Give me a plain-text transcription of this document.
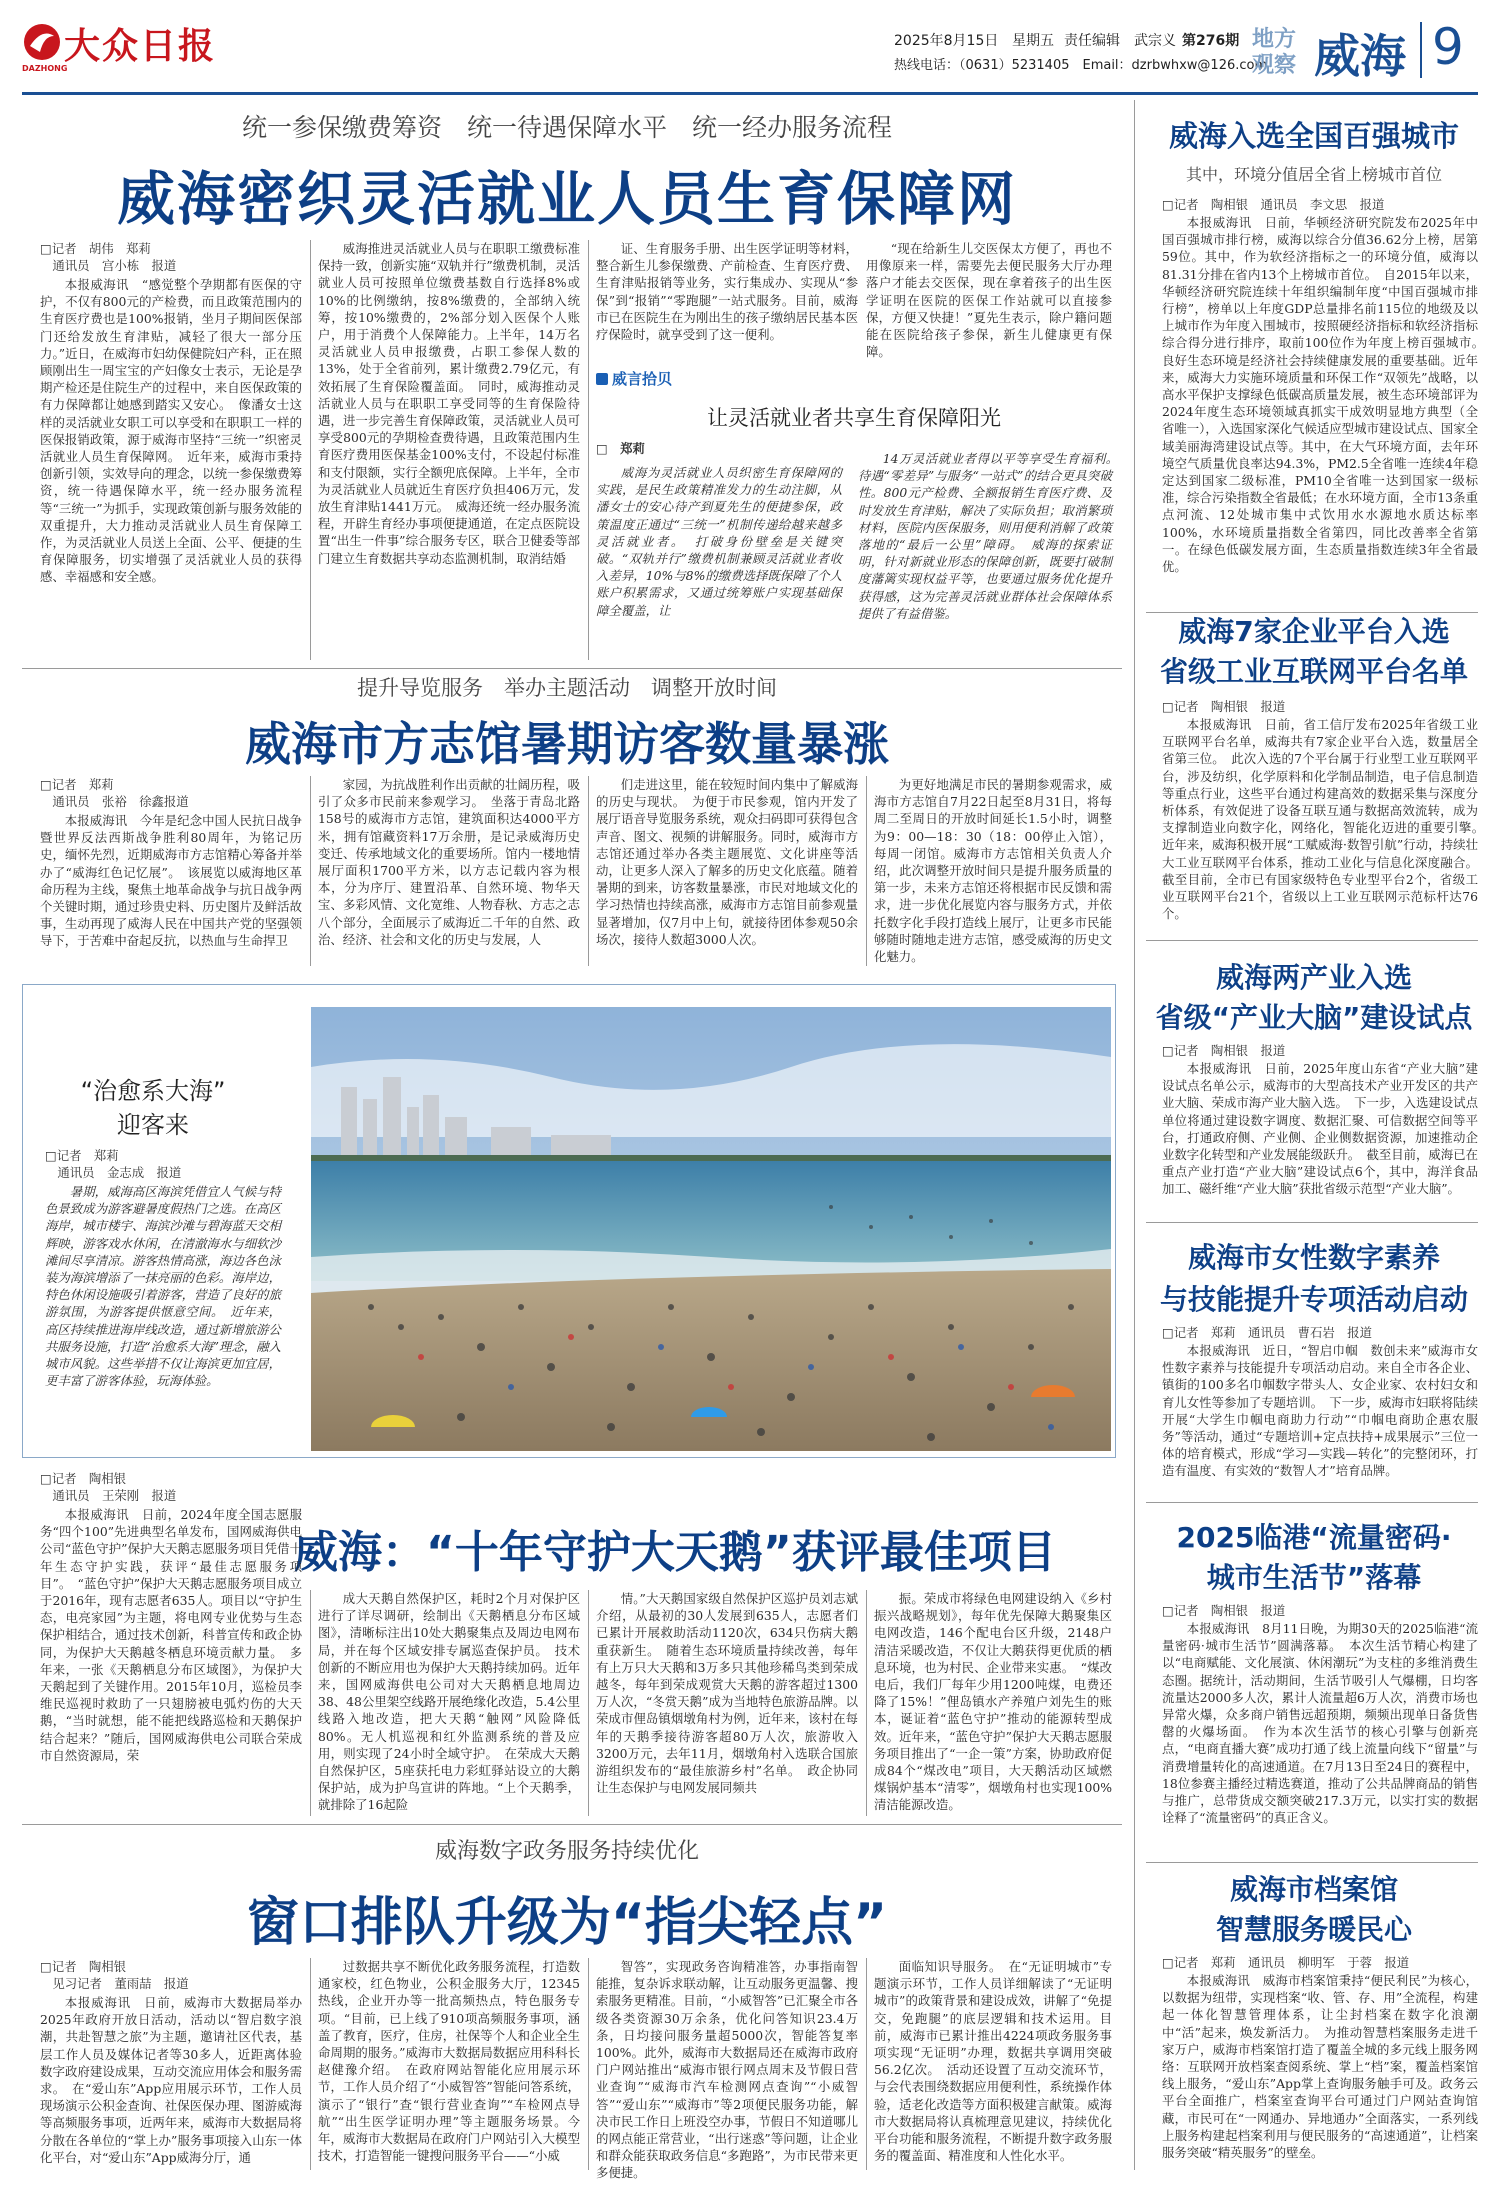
大众日报
DAZHONG
2025年8月15日 星期五 责任编辑　武宗义 第276期
热线电话：（0631）5231405　Email：dzrbwhxw@126.com
地方
观察 威海 9
统一参保缴费筹资　统一待遇保障水平　统一经办服务流程
威海密织灵活就业人员生育保障网
□记者　胡伟　郑莉
　通讯员　宫小栋　报道

本报威海讯　“感觉整个孕期都有医保的守护，不仅有800元的产检费，而且政策范围内的生育医疗费也是100%报销，坐月子期间医保部门还给发放生育津贴，减轻了很大一部分压力。”近日，在威海市妇幼保健院妇产科，正在照顾刚出生一周宝宝的产妇像女士表示，无论是孕期产检还是住院生产的过程中，来自医保政策的有力保障都让她感到踏实又安心。　像潘女士这样的灵活就业女职工可以享受和在职职工一样的医保报销政策，源于威海市坚持“三统一”织密灵活就业人员生育保障网。　近年来，威海市秉持创新引领，实效导向的理念，以统一参保缴费筹资，统一待遇保障水平，统一经办服务流程等“三统一”为抓手，实现政策创新与服务效能的双重提升，大力推动灵活就业人员生育保障工作，为灵活就业人员送上全面、公平、便捷的生育保障服务，切实增强了灵活就业人员的获得感、幸福感和安全感。

威海推进灵活就业人员与在职职工缴费标准保持一致，创新实施“双轨并行”缴费机制，灵活就业人员可按照单位缴费基数自行选择8%或10%的比例缴纳，按8%缴费的，全部纳入统筹，按10%缴费的，2%部分划入医保个人账户，用于消费个人保障能力。上半年，14万名灵活就业人员申报缴费，占职工参保人数的13%，处于全省前列，累计缴费2.79亿元，有效拓展了生育保险覆盖面。　同时，威海推动灵活就业人员与在职职工享受同等的生育保险待遇，进一步完善生育保障政策，灵活就业人员可享受800元的孕期检查费待遇，且政策范围内生育医疗费用医保基金100%支付，不设起付标准和支付限额，实行全额兜底保障。上半年，全市为灵活就业人员就近生育医疗负担406万元，发放生育津贴1441万元。　威海还统一经办服务流程，开辟生育经办事项便捷通道，在定点医院设置“出生一件事”综合服务专区，联合卫健委等部门建立生育数据共享动态监测机制，取消结婚

证、生育服务手册、出生医学证明等材料，整合新生儿参保缴费、产前检查、生育医疗费、生育津贴报销等业务，实行集成办、实现从“参保”到“报销”“零跑腿”一站式服务。目前，威海市已在医院生在为刚出生的孩子缴纳居民基本医疗保险时，就享受到了这一便利。

“现在给新生儿交医保太方便了，再也不用像原来一样，需要先去便民服务大厅办理落户才能去交医保，现在拿着孩子的出生医学证明在医院的医保工作站就可以直接参保，方便又快捷！”夏先生表示，除户籍问题能在医院给孩子参保，新生儿健康更有保障。

威言拾贝
让灵活就业者共享生育保障阳光
□　郑莉

威海为灵活就业人员织密生育保障网的实践，是民生政策精准发力的生动注脚，从潘女士的安心待产到夏先生的便捷参保，政策温度正通过“三统一”机制传递给越来越多灵活就业者。　打破身份壁垒是关键突破。“双轨并行”缴费机制兼顾灵活就业者收入差异，10%与8%的缴费选择既保障了个人账户积累需求，又通过统筹账户实现基础保障全覆盖，让

14万灵活就业者得以平等享受生育福利。　待遇“零差异”与服务“一站式”的结合更具突破性。800元产检费、全额报销生育医疗费、及时发放生育津贴，解决了实际负担；取消繁琐材料，医院内医保服务，则用便利消解了政策落地的“最后一公里”障碍。　威海的探索证明，针对新就业形态的保障创新，既要打破制度藩篱实现权益平等，也要通过服务优化提升获得感，这为完善灵活就业群体社会保障体系提供了有益借鉴。

提升导览服务　举办主题活动　调整开放时间
威海市方志馆暑期访客数量暴涨
□记者　郑莉
　通讯员　张裕　徐鑫报道

本报威海讯　今年是纪念中国人民抗日战争暨世界反法西斯战争胜利80周年，为铭记历史，缅怀先烈，近期威海市方志馆精心筹备并举办了“威海红色记忆展”。　该展览以威海地区革命历程为主线，聚焦土地革命战争与抗日战争两个关键时期，通过珍贵史料、历史图片及鲜活故事，生动再现了威海人民在中国共产党的坚强领导下，于苦难中奋起反抗，以热血与生命捍卫

家园，为抗战胜利作出贡献的壮阔历程，吸引了众多市民前来参观学习。　坐落于青岛北路158号的威海市方志馆，建筑面积达4000平方米，拥有馆藏资料17万余册，是记录威海历史变迁、传承地域文化的重要场所。馆内一楼地情展厅面积1700平方米，以方志记载内容为根本，分为序厅、建置沿革、自然环境、物华天宝、多彩风情、文化宽维、人物春秋、方志之志八个部分，全面展示了威海近二千年的自然、政治、经济、社会和文化的历史与发展，人

们走进这里，能在较短时间内集中了解威海的历史与现状。　为便于市民参观，馆内开发了展厅语音导览服务系统，观众扫码即可获得包含声音、图文、视频的讲解服务。同时，威海市方志馆还通过举办各类主题展览、文化讲座等活动，让更多人深入了解多的历史文化底蕴。随着暑期的到来，访客数量暴涨，市民对地域文化的学习热情也持续高涨，威海市方志馆目前参观量显著增加，仅7月中上旬，就接待团体参观50余场次，接待人数超3000人次。

为更好地满足市民的暑期参观需求，威海市方志馆自7月22日起至8月31日，将每周二至周日的开放时间延长1.5小时，调整为9：00—18：30（18：00停止入馆），每周一闭馆。威海市方志馆相关负责人介绍，此次调整开放时间只是提升服务质量的第一步，未来方志馆还将根据市民反馈和需求，进一步优化展览内容与服务方式，并依托数字化手段打造线上展厅，让更多市民能够随时随地走进方志馆，感受威海的历史文化魅力。

“治愈系大海”
迎客来
□记者　郑莉
　通讯员　金志成　报道
暑期，威海高区海滨凭借宜人气候与特色景致成为游客避暑度假热门之选。在高区海岸，城市楼宇、海滨沙滩与碧海蓝天交相辉映，游客戏水休闲，在清澈海水与细软沙滩间尽享清凉。游客热情高涨，海边各色泳装为海滨增添了一抹亮丽的色彩。海岸边，特色休闲设施吸引着游客，营造了良好的旅游氛围，为游客提供惬意空间。　近年来，高区持续推进海岸线改造，通过新增旅游公共服务设施，打造“治愈系大海”理念，融入城市风貌。这些举措不仅让海滨更加宜居，更丰富了游客体验，玩海体验。
□记者　陶相银
　通讯员　王荣刚　报道
威海：“十年守护大天鹅”获评最佳项目

本报威海讯　日前，2024年度全国志愿服务“四个100”先进典型名单发布，国网威海供电公司“蓝色守护”保护大天鹅志愿服务项目凭借十年生态守护实践，获评“最佳志愿服务项目”。　“蓝色守护”保护大天鹅志愿服务项目成立于2016年，现有志愿者635人。项目以“守护生态，电亮家园”为主题，将电网专业优势与生态保护相结合，通过技术创新，科普宣传和政企协同，为保护大天鹅越冬栖息环境贡献力量。　多年来，一张《天鹅栖息分布区域图》，为保护大天鹅起到了关键作用。2015年10月，巡检员李维民巡视时救助了一只翅膀被电弧灼伤的大天鹅，“当时就想，能不能把线路巡检和天鹅保护结合起来？”随后，国网威海供电公司联合荣成市自然资源局，荣

成大天鹅自然保护区，耗时2个月对保护区进行了详尽调研，绘制出《天鹅栖息分布区域图》，清晰标注出10处大鹅聚集点及周边电网布局，并在每个区域安排专属巡查保护员。　技术创新的不断应用也为保护大天鹅持续加码。近年来，国网威海供电公司对大天鹅栖息地周边38、48公里架空线路开展绝缘化改造，5.4公里线路入地改造，把大天鹅“触网”风险降低80%。无人机巡视和红外监测系统的普及应用，则实现了24小时全域守护。　在荣成大天鹅自然保护区，5座获托电力彩虹驿站设立的大鹅保护站，成为护鸟宣讲的阵地。“上个天鹅季，就排除了16起险

情。”大天鹅国家级自然保护区巡护员刘志斌介绍，从最初的30人发展到635人，志愿者们已累计开展救助活动1120次，634只伤病大鹅重获新生。　随着生态环境质量持续改善，每年有上万只大天鹅和3万多只其他珍稀鸟类到荣成越冬，每年到荣成观赏大天鹅的游客超过1300万人次，“冬赏天鹅”成为当地特色旅游品牌。以荣成市俚岛镇烟墩角村为例，近年来，该村在每年的天鹅季接待游客超80万人次，旅游收入3200万元，去年11月，烟墩角村入选联合国旅游组织发布的“最佳旅游乡村”名单。　政企协同让生态保护与电网发展同频共

振。荣成市将绿色电网建设纳入《乡村振兴战略规划》，每年优先保障大鹅聚集区电网改造，146个配电台区升级，2148户清洁采暖改造，不仅让大鹅获得更优质的栖息环境，也为村民、企业带来实惠。　“煤改电后，我们厂每年少用1200吨煤，电费还降了15%！”俚岛镇水产养殖户刘先生的账本，诞证着“蓝色守护”推动的能源转型成效。近年来，“蓝色守护”保护大天鹅志愿服务项目推出了“一企一策”方案，协助政府促成84个“煤改电”项目，大天鹅活动区域燃煤锅炉基本“清零”，烟墩角村也实现100%清洁能源改造。

威海数字政务服务持续优化
窗口排队升级为“指尖轻点”
□记者　陶相银
　见习记者　董雨喆　报道

本报威海讯　日前，威海市大数据局举办2025年政府开放日活动，活动以“智启数字浪潮，共赴智慧之旅”为主题，邀请社区代表，基层工作人员及媒体记者等30多人，近距离体验数字政府建设成果，互动交流应用体会和服务需求。　在“爱山东”App应用展示环节，工作人员现场演示公积金查询、社保医保办理、图游威海等高频服务事项，近两年来，威海市大数据局将分散在各单位的“掌上办”服务事项接入山东一体化平台，对“爱山东”App威海分厅，通

过数据共享不断优化政务服务流程，打造数通家校，红色物业，公积金服务大厅，12345热线，企业开办等一批高频热点，特色服务专项。“目前，已上线了910项高频服务事项，涵盖了教育，医疗，住房，社保等个人和企业全生命周期的服务。”威海市大数据局数据应用科科长赵健豫介绍。　在政府网站智能化应用展示环节，工作人员介绍了“小威智答”智能问答系统，演示了“银行”查“银行营业查询”“车检网点导航”“出生医学证明办理”等主题服务场景。今年，威海市大数据局在政府门户网站引入大模型技术，打造智能一键搜问服务平台——“小威

智答”，实现政务咨询精准答，办事指南智能推，复杂诉求联动解，让互动服务更温馨、搜索服务更精准。目前，“小威智答”已汇聚全市各级各类资源30万余条，优化问答知识23.4万条，日均接问服务量超5000次，智能答复率100%。此外，威海市大数据局还在威海市政府门户网站推出“威海市银行网点周末及节假日营业查询”“威海市汽车检测网点查询”“小威智答”“爱山东”“威海市”等2项便民服务功能，解决市民工作日上班没空办事，节假日不知道哪儿的网点能正常营业，“出行迷惑”等问题，让企业和群众能获取政务信息“多跑路”，为市民带来更多便捷。

面临知识导服务。　在“无证明城市”专题演示环节，工作人员详细解读了“无证明城市”的政策背景和建设成效，讲解了“免提交，免跑腿”的底层逻辑和技术运用。目前，威海市已累计推出4224项政务服务事项实现“无证明”办理，数据共享调用突破56.2亿次。　活动还设置了互动交流环节，与会代表围绕数据应用便利性，系统操作体验，适老化改造等方面积极建言献策。威海市大数据局将认真梳理意见建议，持续优化平台功能和服务流程，不断提升数字政务服务的覆盖面、精准度和人性化水平。

威海入选全国百强城市
其中，环境分值居全省上榜城市首位
□记者　陶相银　通讯员　李文思　报道

本报威海讯　日前，华顿经济研究院发布2025年中国百强城市排行榜，威海以综合分值36.62分上榜，居第59位。其中，作为软经济指标之一的环境分值，威海以81.31分排在省内13个上榜城市首位。　自2015年以来，华顿经济研究院连续十年组织编制年度“中国百强城市排行榜”，榜单以上年度GDP总量排名前115位的地级及以上城市作为年度入围城市，按照硬经济指标和软经济指标综合得分进行排序，取前100位作为年度上榜百强城市。　良好生态环境是经济社会持续健康发展的重要基础。近年来，威海大力实施环境质量和环保工作“双领先”战略，以高水平保护支撑绿色低碳高质量发展，被生态环境部评为2024年度生态环境领域真抓实干成效明显地方典型（全省唯一），入选国家深化气候适应型城市建设试点、国家全域美丽海湾建设试点等。其中，在大气环境方面，去年环境空气质量优良率达94.3%，PM2.5全省唯一连续4年稳定达到国家二级标准，PM10全省唯一达到国家一级标准，综合污染指数全省最低；在水环境方面，全市13条重点河流、12处城市集中式饮用水水源地水质达标率100%，水环境质量指数全省第四，同比改善率全省第一。在绿色低碳发展方面，生态质量指数连续3年全省最优。

威海7家企业平台入选
省级工业互联网平台名单
□记者　陶相银　报道

本报威海讯　日前，省工信厅发布2025年省级工业互联网平台名单，威海共有7家企业平台入选，数量居全省第三位。　此次入选的7个平台属于行业型工业互联网平台，涉及纺织，化学原料和化学制品制造，电子信息制造等重点行业，这些平台通过构建高效的数据采集与深度分析体系，有效促进了设备互联互通与数据高效流转，成为支撑制造业向数字化，网络化，智能化迈进的重要引擎。　近年来，威海积极开展“工赋威海·数智引航”行动，持续壮大工业互联网平台体系，推动工业化与信息化深度融合。截至目前，全市已有国家级特色专业型平台2个，省级工业互联网平台21个，省级以上工业互联网示范标杆达76个。

威海两产业入选
省级“产业大脑”建设试点
□记者　陶相银　报道

本报威海讯　日前，2025年度山东省“产业大脑”建设试点名单公示，威海市的大型高技术产业开发区的共产业大脑、荣成市海产业大脑入选。　下一步，入选建设试点单位将通过建设数字调度、数据汇聚、可信数据空间等平台，打通政府侧、产业侧、企业侧数据资源，加速推动企业数字化转型和产业发展能级跃升。　截至目前，威海已在重点产业打造“产业大脑”建设试点6个，其中，海洋食品加工、磁纤维“产业大脑”获批省级示范型“产业大脑”。

威海市女性数字素养
与技能提升专项活动启动
□记者　郑莉　通讯员　曹石岩　报道

本报威海讯　近日，“智启巾帼　数创未来”威海市女性数字素养与技能提升专项活动启动。来自全市各企业、镇街的100多名巾帼数字带头人、女企业家、农村妇女和育儿女性等参加了专题培训。　下一步，威海市妇联将陆续开展“大学生巾帼电商助力行动”“巾帼电商助企惠农服务”等活动，通过“专题培训+定点扶持+成果展示”三位一体的培育模式，形成“学习—实践—转化”的完整闭环，打造有温度、有实效的“数智人才”培育品牌。

2025临港“流量密码·
城市生活节”落幕
□记者　陶相银　报道

本报威海讯　8月11日晚，为期30天的2025临港“流量密码·城市生活节”圆满落幕。　本次生活节精心构建了以“电商赋能、文化展演、休闲潮玩”为支柱的多维消费生态圈。据统计，活动期间，生活节吸引人气爆棚，日均客流量达2000多人次，累计人流量超6万人次，消费市场也异常火爆，众多商户销售远超预期，频频出现单日备货售罄的火爆场面。　作为本次生活节的核心引擎与创新亮点，“电商直播大赛”成功打通了线上流量向线下“留量”与消费增量转化的高速通道。在7月13日至24日的赛程中，18位参赛主播经过精选赛道，推动了公共品牌商品的销售与推广，总带货成交额突破217.3万元，以实打实的数据诠释了“流量密码”的真正含义。

威海市档案馆
智慧服务暖民心
□记者　郑莉　通讯员　柳明军　于蓉　报道

本报威海讯　威海市档案馆秉持“便民利民”为核心，以数据为纽带，实现档案“收、管、存、用”全流程，构建起一体化智慧管理体系，让尘封档案在数字化浪潮中“活”起来，焕发新活力。　为推动智慧档案服务走进千家万户，威海市档案馆打造了覆盖全城的多元线上服务网络：互联网开放档案查阅系统、掌上“档”案，覆盖档案馆线上服务，“爱山东”App掌上查询服务触手可及。政务云平台全面推广，档案室查询平台可通过门户网站查询馆藏，市民可在“一网通办、异地通办”全面落实，一系列线上服务构建起档案利用与便民服务的“高速通道”，让档案服务突破“精英服务”的壁垒。
